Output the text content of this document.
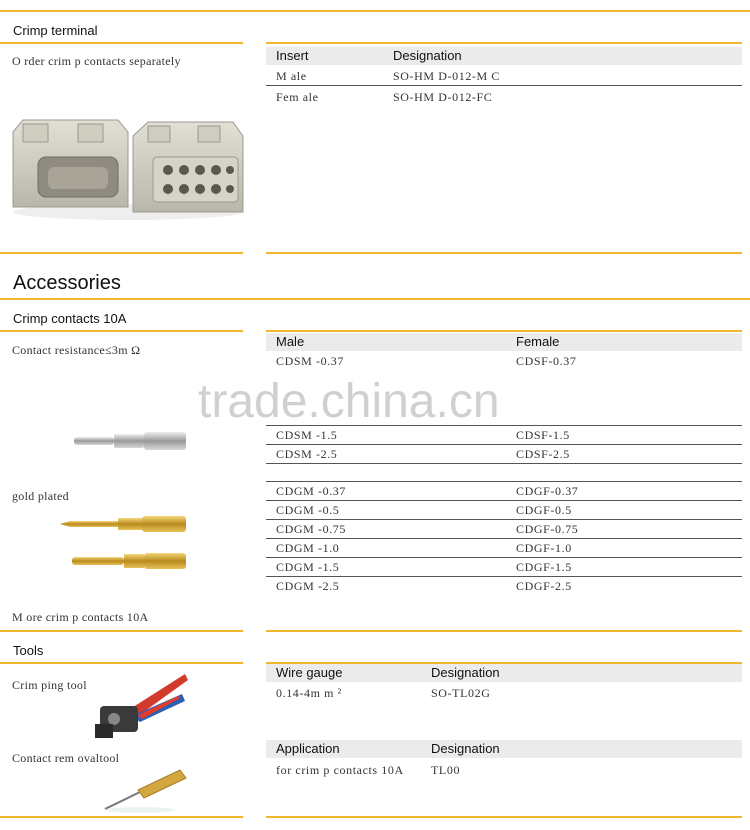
Crimp terminal
O rder crim p contacts separately	Insert	Designation
M ale	SO-HM D-012-M C
Fem ale	SO-HM D-012-FC
Accessories
Crimp contacts 10A
Contact resistance≤3m Ω
gold plated
M ore crim p contacts 10A
Male	Female
CDSM -0.37	CDSF-0.37
CDSM -1.5	CDSF-1.5
CDSM -2.5	CDSF-2.5
CDGM -0.37	CDGF-0.37
CDGM -0.5	CDGF-0.5
CDGM -0.75	CDGF-0.75
CDGM -1.0	CDGF-1.0
CDGM -1.5	CDGF-1.5
CDGM -2.5	CDGF-2.5
Tools
Crim ping tool
Contact rem ovaltool
Wire gauge	Designation
0.14-4m m ²	SO-TL02G
Application	Designation
for crim p contacts 10A TL00
trade.china.cn
